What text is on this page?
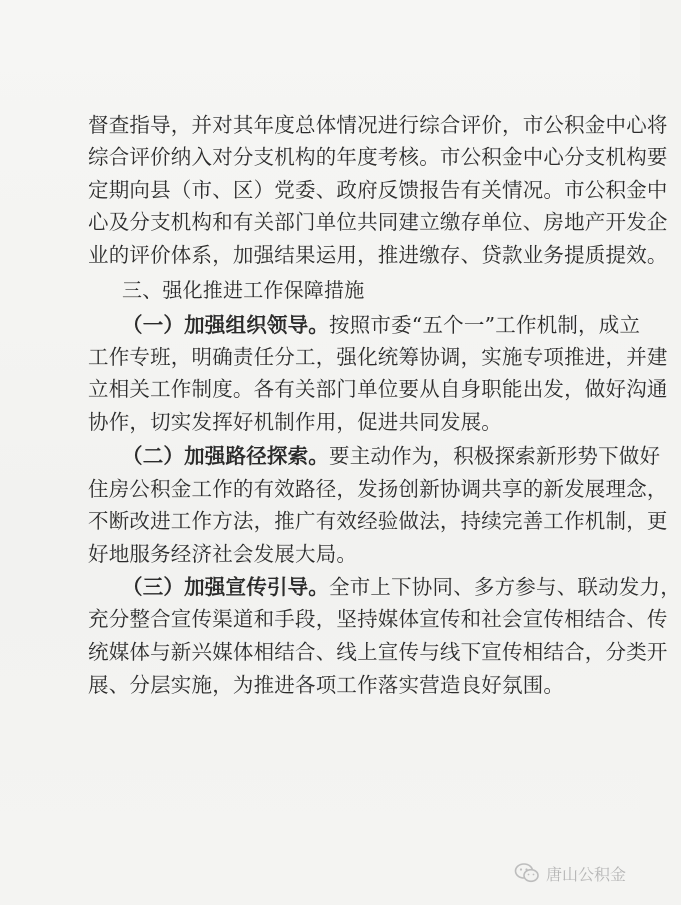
督查指导，并对其年度总体情况进行综合评价，市公积金中心将
综合评价纳入对分支机构的年度考核。市公积金中心分支机构要
定期向县（市、区）党委、政府反馈报告有关情况。市公积金中
心及分支机构和有关部门单位共同建立缴存单位、房地产开发企
业的评价体系，加强结果运用，推进缴存、贷款业务提质提效。
三、强化推进工作保障措施
（一）加强组织领导。按照市委“五个一”工作机制，成立
工作专班，明确责任分工，强化统筹协调，实施专项推进，并建
立相关工作制度。各有关部门单位要从自身职能出发，做好沟通
协作，切实发挥好机制作用，促进共同发展。
（二）加强路径探索。要主动作为，积极探索新形势下做好
住房公积金工作的有效路径，发扬创新协调共享的新发展理念，
不断改进工作方法，推广有效经验做法，持续完善工作机制，更
好地服务经济社会发展大局。
（三）加强宣传引导。全市上下协同、多方参与、联动发力，
充分整合宣传渠道和手段，坚持媒体宣传和社会宣传相结合、传
统媒体与新兴媒体相结合、线上宣传与线下宣传相结合，分类开
展、分层实施，为推进各项工作落实营造良好氛围。
唐山公积金
